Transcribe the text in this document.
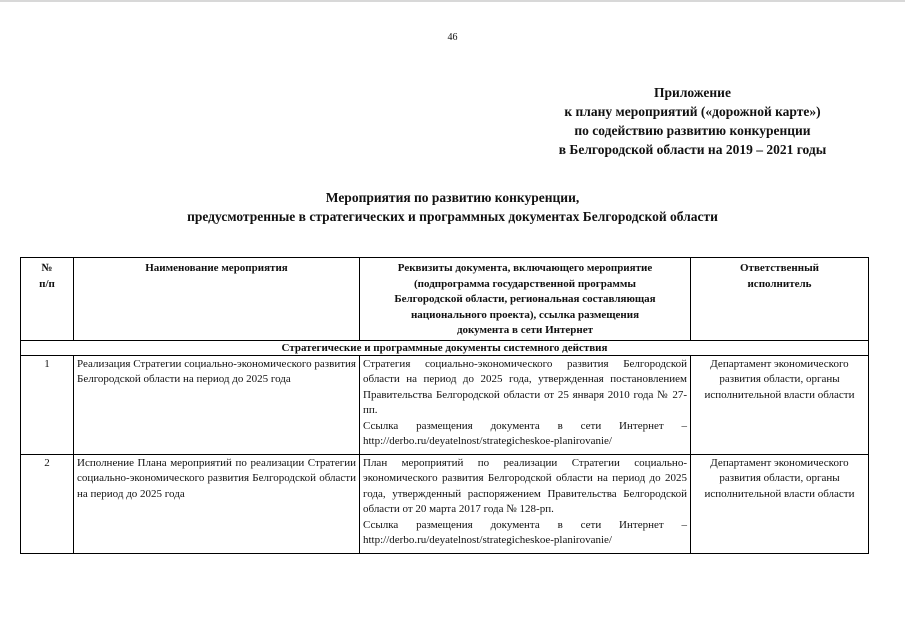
46
Приложение
к плану мероприятий («дорожной карте»)
по содействию развитию конкуренции
в Белгородской области на 2019 – 2021 годы
Мероприятия по развитию конкуренции,
предусмотренные в стратегических и программных документах Белгородской области
№
п/п	Наименование мероприятия	Реквизиты документа, включающего мероприятие
(подпрограмма государственной программы
Белгородской области, региональная составляющая
национального проекта), ссылка размещения
документа в сети Интернет	Ответственный
исполнитель

Стратегические и программные документы системного действия			
1	Реализация Стратегии социально-экономического развития Белгородской области на период до 2025 года	Стратегия социально-экономического развития Белгородской области на период до 2025 года, утвержденная постановлением Правительства Белгородской области от 25 января 2010 года № 27-пп.
Ссылка размещения документа в сети Интернет – http://derbo.ru/deyatelnost/strategicheskoe-planirovanie/	Департамент экономического развития области, органы исполнительной власти области
2	Исполнение Плана мероприятий по реализации Стратегии социально-экономического развития Белгородской области на период до 2025 года	План мероприятий по реализации Стратегии социально-экономического развития Белгородской области на период до 2025 года, утвержденный распоряжением Правительства Белгородской области от 20 марта 2017 года № 128-рп.
Ссылка размещения документа в сети Интернет – http://derbo.ru/deyatelnost/strategicheskoe-planirovanie/	Департамент экономического развития области, органы исполнительной власти области
